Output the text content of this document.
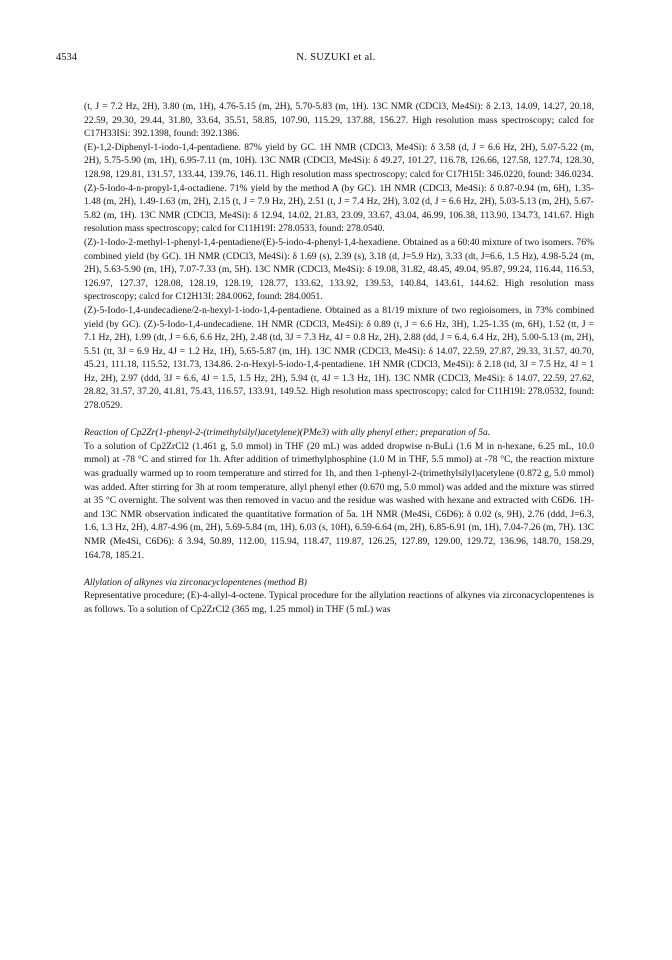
4534	N. SUZUKI et al.

(t, J = 7.2 Hz, 2H), 3.80 (m, 1H), 4.76-5.15 (m, 2H), 5.70-5.83 (m, 1H). 13C NMR (CDCl3, Me4Si): δ 2.13, 14.09, 14.27, 20.18, 22.59, 29.30, 29.44, 31.80, 33.64, 35.51, 58.85, 107.90, 115.29, 137.88, 156.27. High resolution mass spectroscopy; calcd for C17H33ISi: 392.1398, found: 392.1386.

(E)-1,2-Diphenyl-1-iodo-1,4-pentadiene. 87% yield by GC. 1H NMR (CDCl3, Me4Si): δ 3.58 (d, J = 6.6 Hz, 2H), 5.07-5.22 (m, 2H), 5.75-5.90 (m, 1H), 6.95-7.11 (m, 10H). 13C NMR (CDCl3, Me4Si): δ 49.27, 101.27, 116.78, 126.66, 127.58, 127.74, 128.30, 128.98, 129.81, 131.57, 133.44, 139.76, 146.11. High resolution mass spectroscopy; calcd for C17H15I: 346.0220, found: 346.0234.

(Z)-5-Iodo-4-n-propyl-1,4-octadiene. 71% yield by the method A (by GC). 1H NMR (CDCl3, Me4Si): δ 0.87-0.94 (m, 6H), 1.35-1.48 (m, 2H), 1.49-1.63 (m, 2H), 2.15 (t, J = 7.9 Hz, 2H), 2.51 (t, J = 7.4 Hz, 2H), 3.02 (d, J = 6.6 Hz, 2H), 5.03-5.13 (m, 2H), 5.67-5.82 (m, 1H). 13C NMR (CDCl3, Me4Si): δ 12.94, 14.02, 21.83, 23.09, 33.67, 43.04, 46.99, 106.38, 113.90, 134.73, 141.67. High resolution mass spectroscopy; calcd for C11H19I: 278.0533, found: 278.0540.

(Z)-1-Iodo-2-methyl-1-phenyl-1,4-pentadiene/(E)-5-iodo-4-phenyl-1,4-hexadiene. Obtained as a 60:40 mixture of two isomers. 76% combined yield (by GC). 1H NMR (CDCl3, Me4Si): δ 1.69 (s), 2.39 (s), 3.18 (d, J=5.9 Hz), 3.33 (dt, J=6.6, 1.5 Hz), 4.98-5.24 (m, 2H), 5.63-5.90 (m, 1H), 7.07-7.33 (m, 5H). 13C NMR (CDCl3, Me4Si): δ 19.08, 31.82, 48.45, 49.04, 95.87, 99.24, 116.44, 116.53, 126.97, 127.37, 128.08, 128.19, 128.19, 128.77, 133.62, 133.92, 139.53, 140.84, 143.61, 144.62. High resolution mass spectroscopy; calcd for C12H13I: 284.0062, found: 284.0051.

(Z)-5-Iodo-1,4-undecadiene/2-n-hexyl-1-iodo-1,4-pentadiene. Obtained as a 81/19 mixture of two regioisomers, in 73% combined yield (by GC). (Z)-5-Iodo-1,4-undecadiene. 1H NMR (CDCl3, Me4Si): δ 0.89 (t, J = 6.6 Hz, 3H), 1.25-1.35 (m, 6H), 1.52 (tt, J = 7.1 Hz, 2H), 1.99 (dt, J = 6.6, 6.6 Hz, 2H), 2.48 (td, 3J = 7.3 Hz, 4J = 0.8 Hz, 2H), 2.88 (dd, J = 6.4, 6.4 Hz, 2H), 5.00-5.13 (m, 2H), 5.51 (tt, 3J = 6.9 Hz, 4J = 1.2 Hz, 1H), 5.65-5.87 (m, 1H). 13C NMR (CDCl3, Me4Si): δ 14.07, 22.59, 27.87, 29.33, 31.57, 40.70, 45.21, 111.18, 115.52, 131.73, 134.86. 2-n-Hexyl-5-iodo-1,4-pentadiene. 1H NMR (CDCl3, Me4Si): δ 2.18 (td, 3J = 7.5 Hz, 4J = 1 Hz, 2H), 2.97 (ddd, 3J = 6.6, 4J = 1.5, 1.5 Hz, 2H), 5.94 (t, 4J = 1.3 Hz, 1H). 13C NMR (CDCl3, Me4Si): δ 14.07, 22.59, 27.62, 28.82, 31.57, 37.20, 41.81, 75.43, 116.57, 133.91, 149.52. High resolution mass spectroscopy; calcd for C11H19I: 278.0532, found: 278.0529.

Reaction of Cp2Zr(1-phenyl-2-(trimethylsilyl)acetylene)(PMe3) with ally phenyl ether; preparation of 5a.

To a solution of Cp2ZrCl2 (1.461 g, 5.0 mmol) in THF (20 mL) was added dropwise n-BuLi (1.6 M in n-hexane, 6.25 mL, 10.0 mmol) at -78 °C and stirred for 1h. After addition of trimethylphosphine (1.0 M in THF, 5.5 mmol) at -78 °C, the reaction mixture was gradually warmed up to room temperature and stirred for 1h, and then 1-phenyl-2-(trimethylsilyl)acetylene (0.872 g, 5.0 mmol) was added. After stirring for 3h at room temperature, allyl phenyl ether (0.670 mg, 5.0 mmol) was added and the mixture was stirred at 35 °C overnight. The solvent was then removed in vacuo and the residue was washed with hexane and extracted with C6D6. 1H- and 13C NMR observation indicated the quantitative formation of 5a. 1H NMR (Me4Si, C6D6): δ 0.02 (s, 9H), 2.76 (ddd, J=6.3, 1.6, 1.3 Hz, 2H), 4.87-4.96 (m, 2H), 5.69-5.84 (m, 1H), 6.03 (s, 10H), 6.59-6.64 (m, 2H), 6.85-6.91 (m, 1H), 7.04-7.26 (m, 7H). 13C NMR (Me4Si, C6D6): δ 3.94, 50.89, 112.00, 115.94, 118.47, 119.87, 126.25, 127.89, 129.00, 129.72, 136.96, 148.70, 158.29, 164.78, 185.21.

Allylation of alkynes via zirconacyclopentenes (method B)

Representative procedure; (E)-4-allyl-4-octene. Typical procedure for the allylation reactions of alkynes via zirconacyclopentenes is as follows. To a solution of Cp2ZrCl2 (365 mg, 1.25 mmol) in THF (5 mL) was
